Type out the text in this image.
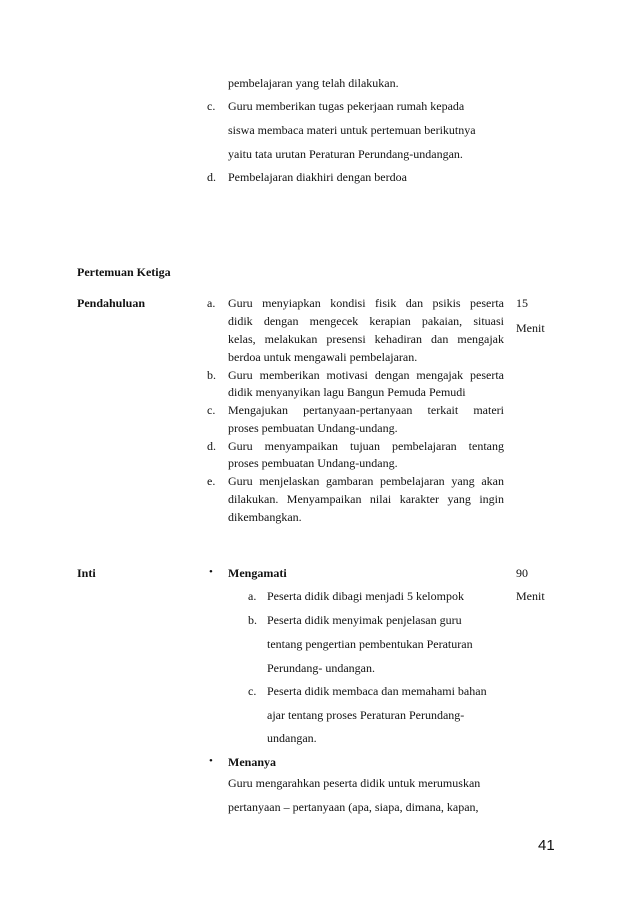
pembelajaran yang telah dilakukan.
c. Guru memberikan tugas pekerjaan rumah kepada
siswa membaca materi untuk pertemuan berikutnya
yaitu tata urutan Peraturan Perundang-undangan.
d. Pembelajaran diakhiri dengan berdoa
Pertemuan Ketiga
Pendahuluan	15
Menit
a. Guru menyiapkan kondisi fisik dan psikis peserta
didik dengan mengecek kerapian pakaian, situasi
kelas, melakukan presensi kehadiran dan mengajak
berdoa untuk mengawali pembelajaran.
b. Guru memberikan motivasi dengan mengajak peserta
didik menyanyikan lagu Bangun Pemuda Pemudi
c. Mengajukan pertanyaan-pertanyaan terkait materi
proses pembuatan Undang-undang.
d. Guru menyampaikan tujuan pembelajaran tentang
proses pembuatan Undang-undang.
e. Guru menjelaskan gambaran pembelajaran yang akan
dilakukan. Menyampaikan nilai karakter yang ingin
dikembangkan.
Inti	90
Menit
• Mengamati
a. Peserta didik dibagi menjadi 5 kelompok
b. Peserta didik menyimak penjelasan guru
tentang pengertian pembentukan Peraturan
Perundang- undangan.
c. Peserta didik membaca dan memahami bahan
ajar tentang proses Peraturan Perundang-
undangan.
• Menanya
Guru mengarahkan peserta didik untuk merumuskan
pertanyaan – pertanyaan (apa, siapa, dimana, kapan,
41
